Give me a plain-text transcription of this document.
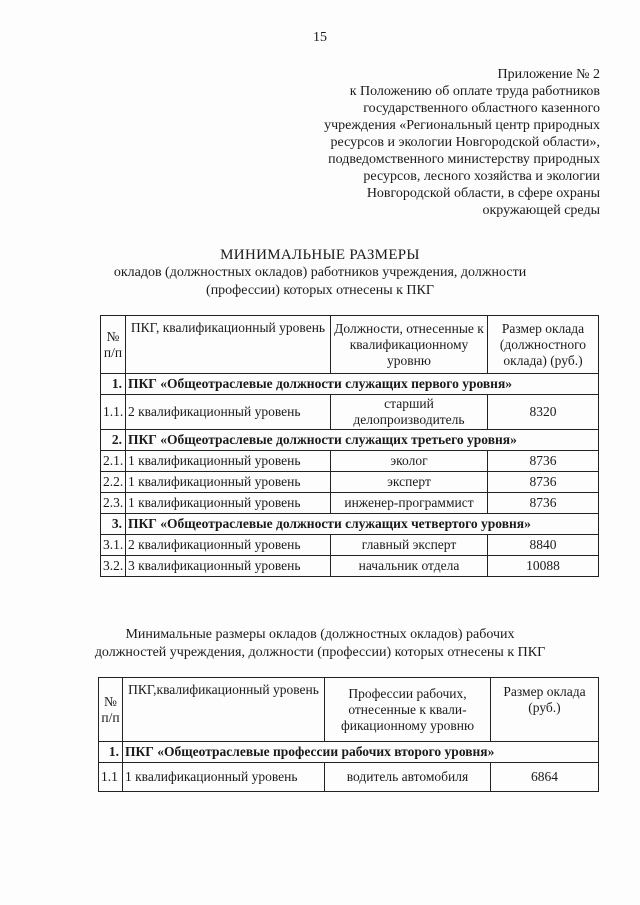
15
Приложение № 2
к Положению об оплате труда работников
государственного областного казенного
учреждения «Региональный центр природных
ресурсов и экологии Новгородской области»,
подведомственного министерству природных
ресурсов, лесного хозяйства и экологии
Новгородской области, в сфере охраны
окружающей среды
МИНИМАЛЬНЫЕ РАЗМЕРЫ
окладов (должностных окладов) работников учреждения, должности
(профессии) которых отнесены к ПКГ
№ п/п	ПКГ, квалификационный уровень	Должности, отнесенные к квалификационному уровню	Размер оклада (должностного оклада) (руб.)
1.	ПКГ «Общеотраслевые должности служащих первого уровня»		
1.1.	2 квалификационный уровень	старший делопроизводитель	8320
2.	ПКГ «Общеотраслевые должности служащих третьего уровня»		
2.1.	1 квалификационный уровень	эколог	8736
2.2.	1 квалификационный уровень	эксперт	8736
2.3.	1 квалификационный уровень	инженер-программист	8736
3.	ПКГ «Общеотраслевые должности служащих четвертого уровня»		
3.1.	2 квалификационный уровень	главный эксперт	8840
3.2.	3 квалификационный уровень	начальник отдела	10088
Минимальные размеры окладов (должностных окладов) рабочих
должностей учреждения, должности (профессии) которых отнесены к ПКГ
№ п/п	ПКГ,квалификационный уровень	Профессии рабочих, отнесенные к квали- фикационному уровню	Размер оклада (руб.)
1.	ПКГ «Общеотраслевые профессии рабочих второго уровня»		
1.1	1 квалификационный уровень	водитель автомобиля	6864
